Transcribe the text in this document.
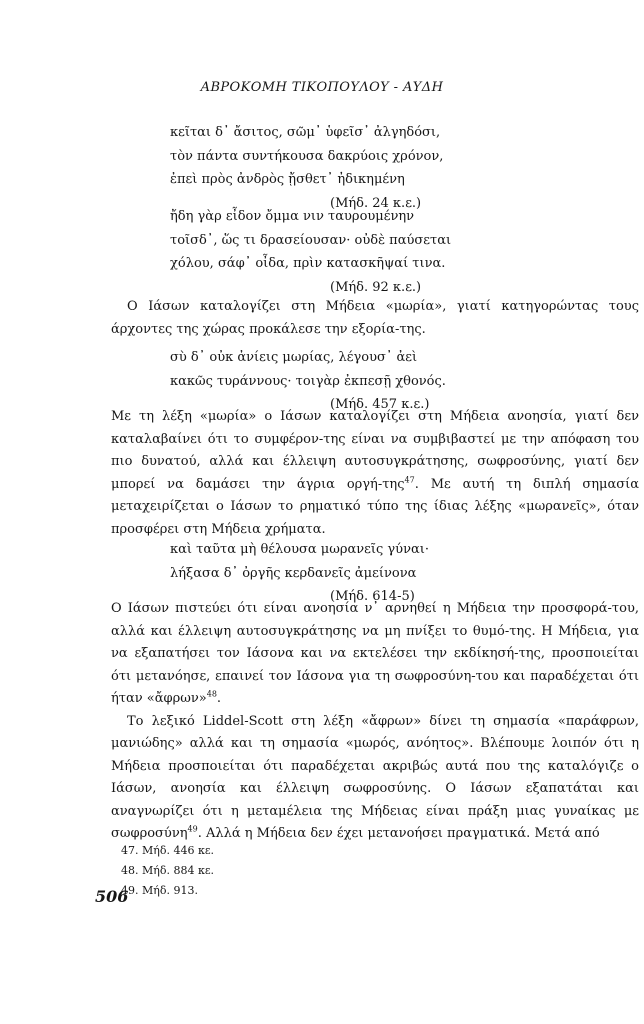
ΑΒΡΟΚΟΜΗ ΤΙΚΟΠΟΥΛΟΥ - ΑΥΔΗ
κεῖται δ᾽ ἄσιτος, σῶμ᾽ ὑφεῖσ᾽ ἀλγηδόσι,
τὸν πάντα συντήκουσα δακρύοις χρόνον,
ἐπεὶ πρὸς ἀνδρὸς ᾔσθετ᾽ ἠδικημένη
(Μήδ. 24 κ.ε.)
ἤδη γὰρ εἶδον ὄμμα νιν ταυρουμένην
τοῖσδ᾽, ὥς τι δρασείουσαν· οὐδὲ παύσεται
χόλου, σάφ᾽ οἶδα, πρὶν κατασκῆψαί τινα.
(Μήδ. 92 κ.ε.)

Ο Ιάσων καταλογίζει στη Μήδεια «μωρία», γιατί κατηγορώντας τους άρχοντες της χώρας προκάλεσε την εξορία-της.

σὺ δ᾽ οὐκ ἀνίεις μωρίας, λέγουσ᾽ ἀεὶ
κακῶς τυράννους· τοιγὰρ ἐκπεσῇ χθονός.
(Μήδ. 457 κ.ε.)

Με τη λέξη «μωρία» ο Ιάσων καταλογίζει στη Μήδεια ανοησία, γιατί δεν καταλαβαίνει ότι το συμφέρον-της είναι να συμβιβαστεί με την απόφαση του πιο δυνατού, αλλά και έλλειψη αυτοσυγκράτησης, σωφροσύνης, γιατί δεν μπορεί να δαμάσει την άγρια οργή-της$^{47}$. Με αυτή τη διπλή σημασία μεταχειρίζεται ο Ιάσων το ρηματικό τύπο της ίδιας λέξης «μωρανεῖς», όταν προσφέρει στη Μήδεια χρήματα.

καὶ ταῦτα μὴ θέλουσα μωρανεῖς γύναι·
λήξασα δ᾽ ὀργῆς κερδανεῖς ἀμείνονα
(Μήδ. 614-5)

Ο Ιάσων πιστεύει ότι είναι ανοησία ν᾽ αρνηθεί η Μήδεια την προσφορά-του, αλλά και έλλειψη αυτοσυγκράτησης να μη πνίξει το θυμό-της. Η Μήδεια, για να εξαπατήσει τον Ιάσονα και να εκτελέσει την εκδίκησή-της, προσποιείται ότι μετανόησε, επαινεί τον Ιάσονα για τη σωφροσύνη-του και παραδέχεται ότι ήταν «ἄφρων»$^{48}$.

Το λεξικό Liddel-Scott στη λέξη «ἄφρων» δίνει τη σημασία «παράφρων, μανιώδης» αλλά και τη σημασία «μωρός, ανόητος». Βλέπουμε λοιπόν ότι η Μήδεια προσποιείται ότι παραδέχεται ακριβώς αυτά που της καταλόγιζε ο Ιάσων, ανοησία και έλλειψη σωφροσύνης. Ο Ιάσων εξαπατάται και αναγνωρίζει ότι η μεταμέλεια της Μήδειας είναι πράξη μιας γυναίκας με σωφροσύνη$^{49}$. Αλλά η Μήδεια δεν έχει μετανοήσει πραγματικά. Μετά από

47. Μήδ. 446 κε.
48. Μήδ. 884 κε.
49. Μήδ. 913.
506
